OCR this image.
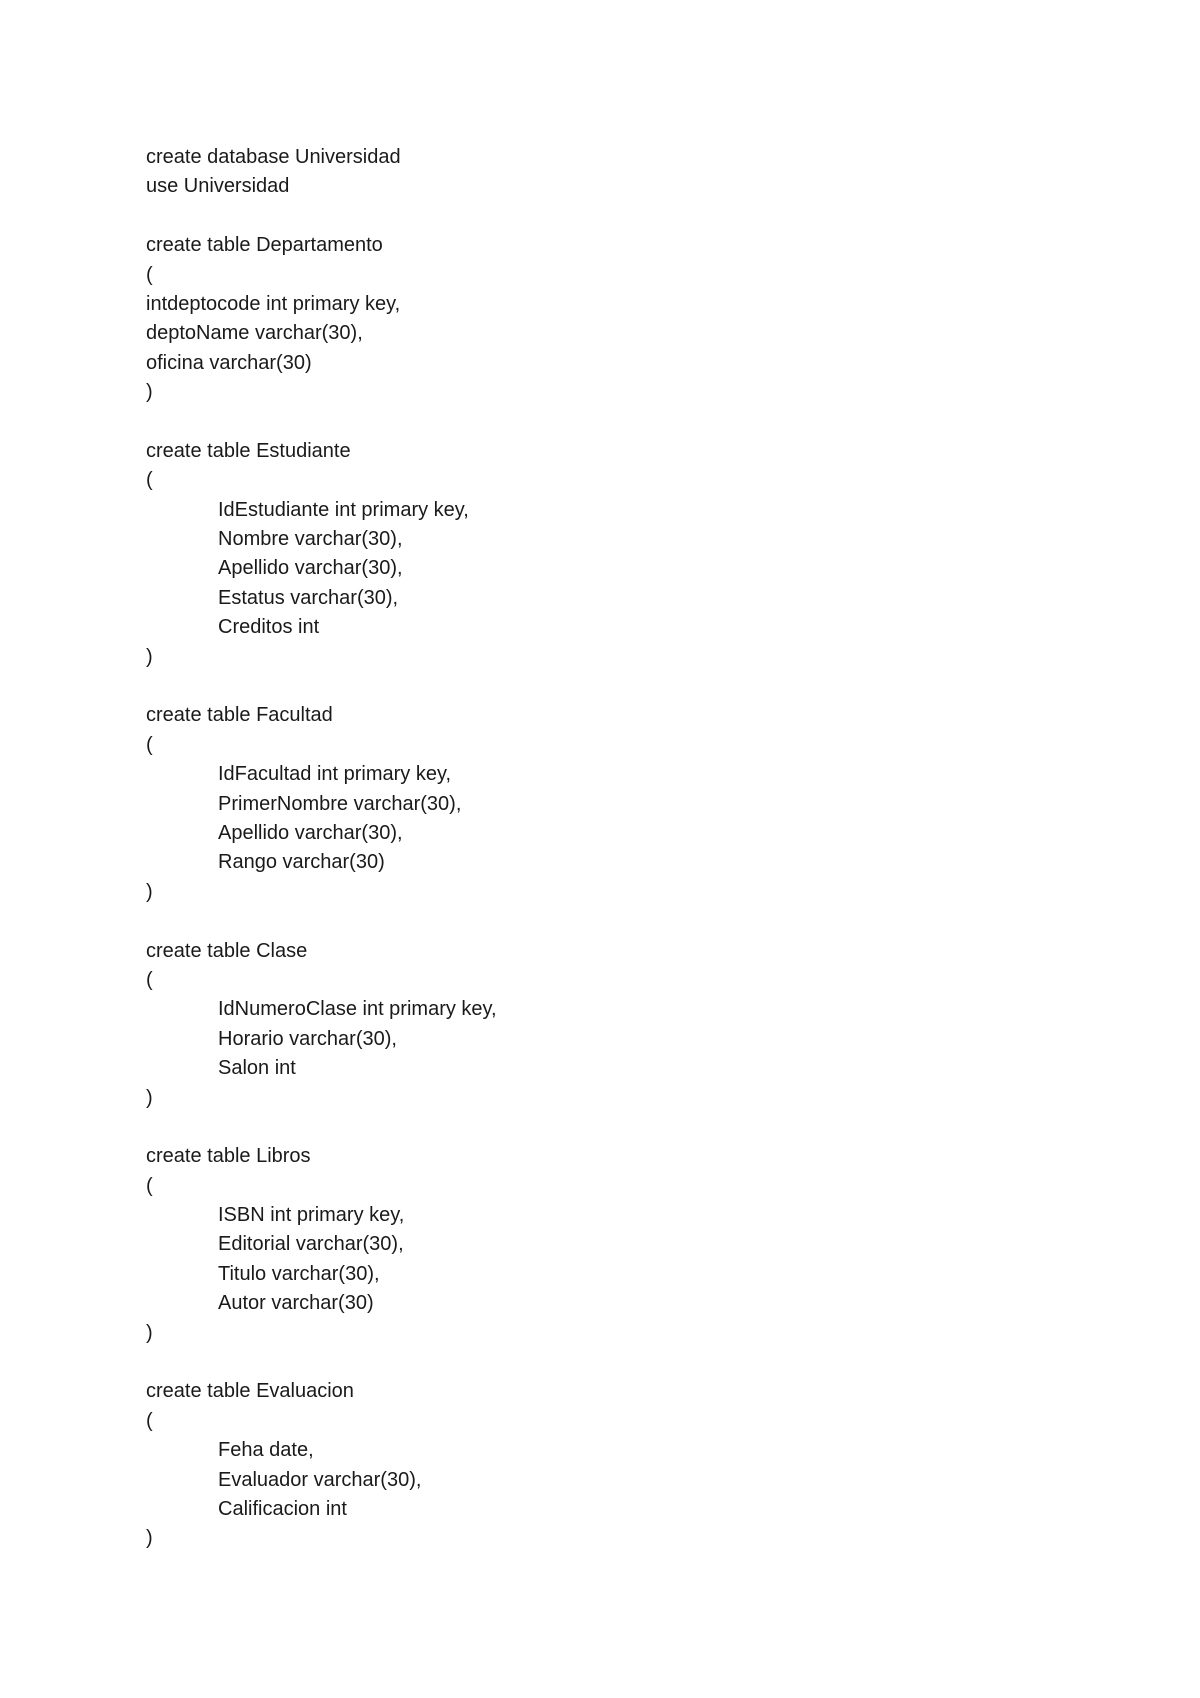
create database Universidad
use Universidad
create table Departamento
(
intdeptocode int primary key,
deptoName varchar(30),
oficina varchar(30)
)
create table Estudiante
(
IdEstudiante int primary key,
Nombre varchar(30),
Apellido varchar(30),
Estatus varchar(30),
Creditos int
)
create table Facultad
(
IdFacultad int primary key,
PrimerNombre varchar(30),
Apellido varchar(30),
Rango varchar(30)
)
create table Clase
(
IdNumeroClase int primary key,
Horario varchar(30),
Salon int
)
create table Libros
(
ISBN int primary key,
Editorial varchar(30),
Titulo varchar(30),
Autor varchar(30)
)
create table Evaluacion
(
Feha date,
Evaluador varchar(30),
Calificacion int
)
